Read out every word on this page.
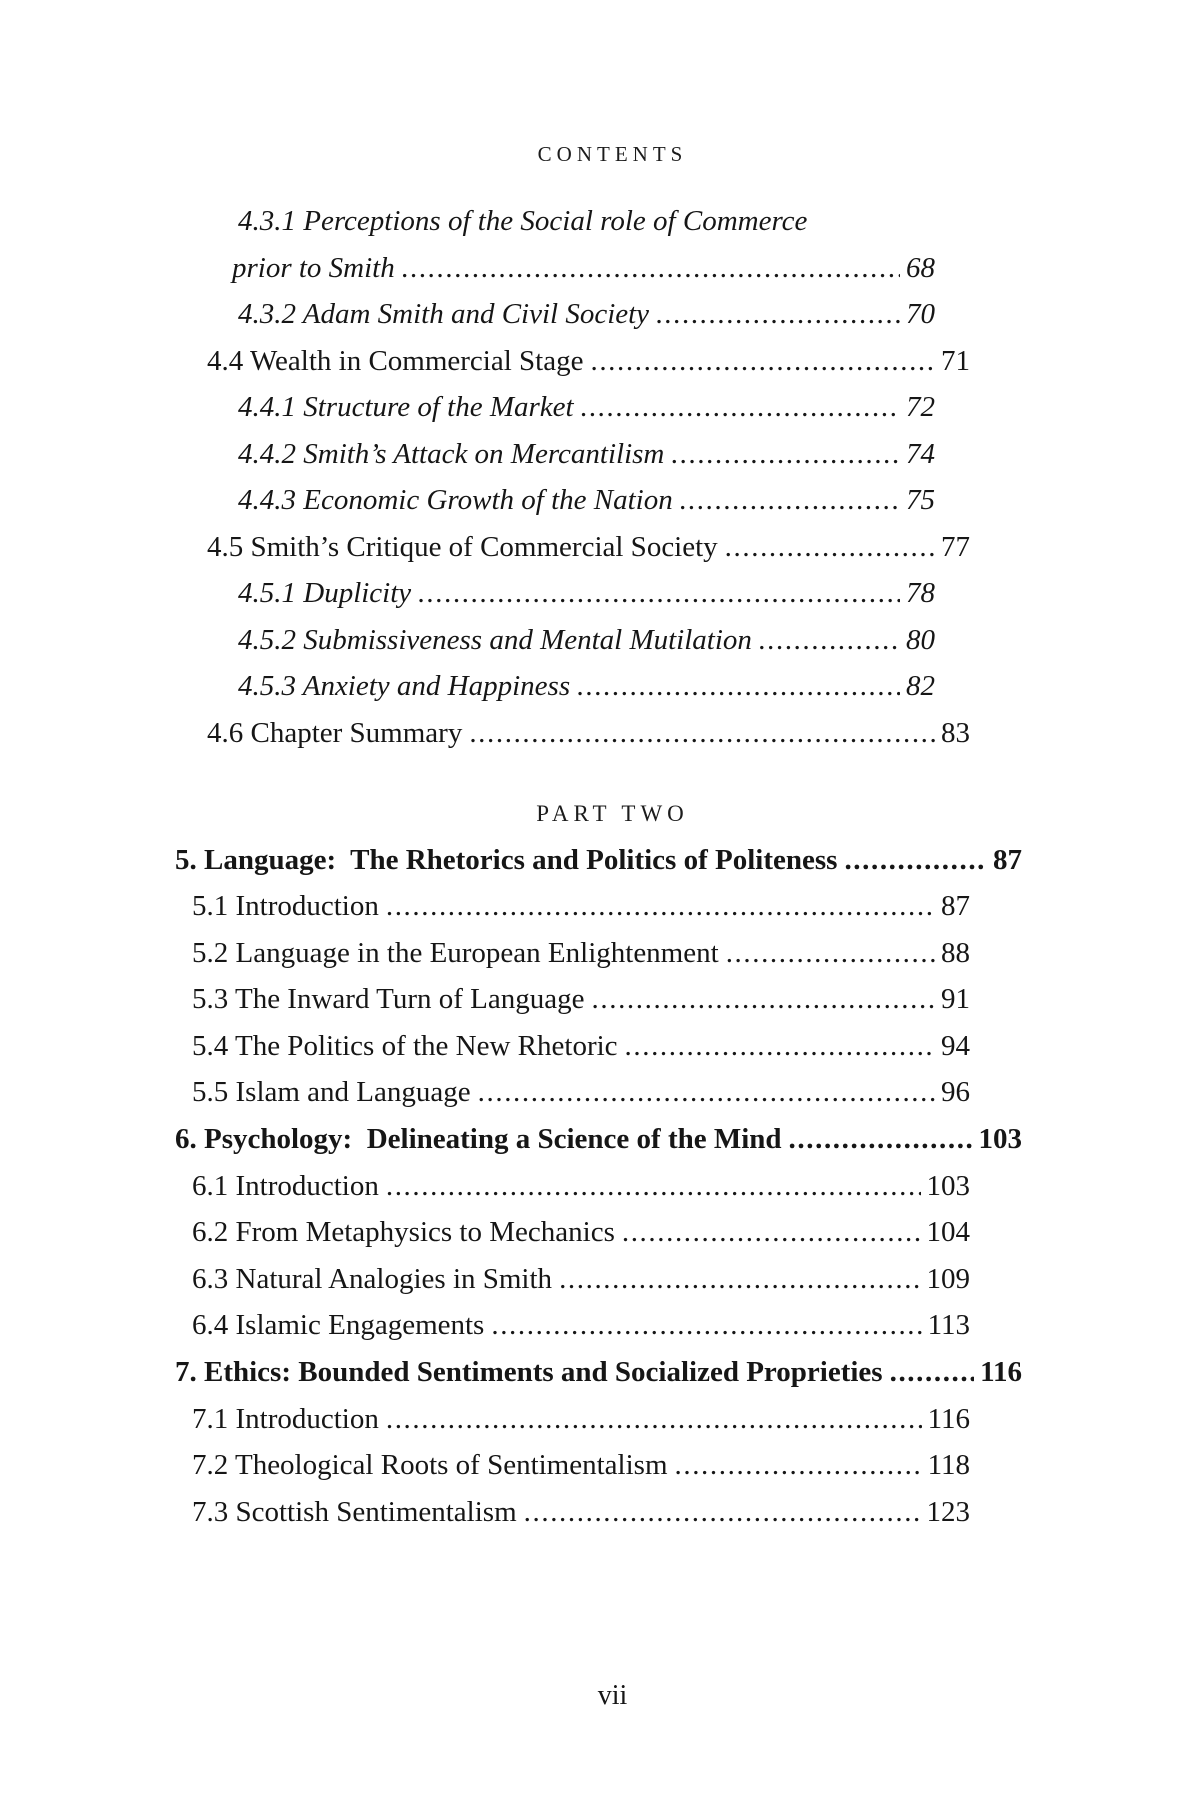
CONTENTS
4.3.1 Perceptions of the Social role of Commerce
prior to Smith .....	68
4.3.2 Adam Smith and Civil Society .....	70
4.4 Wealth in Commercial Stage .....	71
4.4.1 Structure of the Market .....	72
4.4.2 Smith’s Attack on Mercantilism .....	74
4.4.3 Economic Growth of the Nation .....	75
4.5 Smith’s Critique of Commercial Society .....	77
4.5.1 Duplicity .....	78
4.5.2 Submissiveness and Mental Mutilation .....	80
4.5.3 Anxiety and Happiness .....	82
4.6 Chapter Summary .....	83
PART TWO
5. Language:  The Rhetorics and Politics of Politeness .....	87
5.1 Introduction .....	87
5.2 Language in the European Enlightenment .....	88
5.3 The Inward Turn of Language .....	91
5.4 The Politics of the New Rhetoric .....	94
5.5 Islam and Language .....	96
6. Psychology:  Delineating a Science of the Mind .....	103
6.1 Introduction .....	103
6.2 From Metaphysics to Mechanics .....	104
6.3 Natural Analogies in Smith .....	109
6.4 Islamic Engagements .....	113
7. Ethics: Bounded Sentiments and Socialized Proprieties .....	116
7.1 Introduction .....	116
7.2 Theological Roots of Sentimentalism .....	118
7.3 Scottish Sentimentalism .....	123
vii
